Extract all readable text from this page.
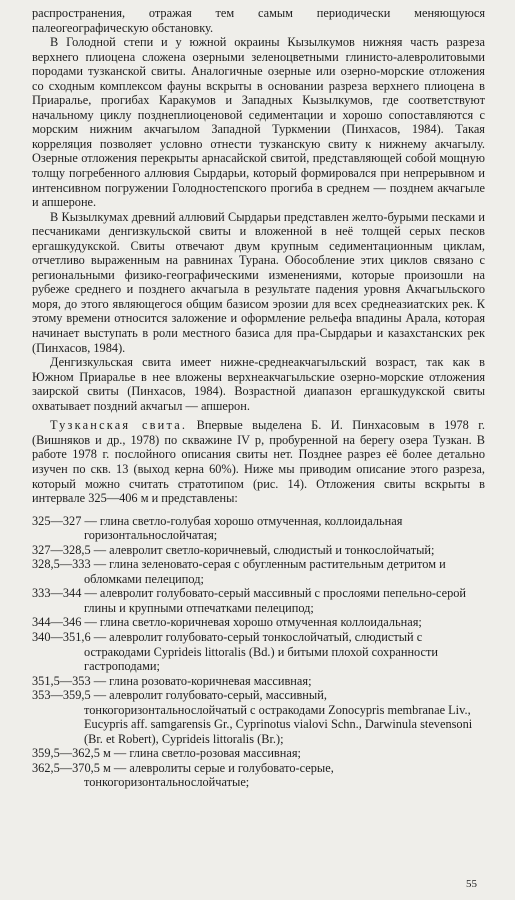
распространения, отражая тем самым периодически меняющуюся палеогеографическую обстановку.

В Голодной степи и у южной окраины Кызылкумов нижняя часть разреза верхнего плиоцена сложена озерными зеленоцветными глинисто-алевролитовыми породами тузканской свиты. Аналогичные озерные или озерно-морские отложения со сходным комплексом фауны вскрыты в основании разреза верхнего плиоцена в Приаралье, прогибах Каракумов и Западных Кызылкумов, где соответствуют начальному циклу позднеплиоценовой седиментации и хорошо сопоставляются с морским нижним акчагылом Западной Туркмении (Пинхасов, 1984). Такая корреляция позволяет условно отнести тузканскую свиту к нижнему акчагылу. Озерные отложения перекрыты арнасайской свитой, представляющей собой мощную толщу погребенного аллювия Сырдарьи, который формировался при непрерывном и интенсивном погружении Голодностепского прогиба в среднем — позднем акчагыле и апшероне.

В Кызылкумах древний аллювий Сырдарьи представлен желто-бурыми песками и песчаниками денгизкульской свиты и вложенной в неё толщей серых песков ергашкудукской. Свиты отвечают двум крупным седиментационным циклам, отчетливо выраженным на равнинах Турана. Обособление этих циклов связано с региональными физико-географическими изменениями, которые произошли на рубеже среднего и позднего акчагыла в результате падения уровня Акчагыльского моря, до этого являющегося общим базисом эрозии для всех среднеазиатских рек. К этому времени относится заложение и оформление рельефа впадины Арала, которая начинает выступать в роли местного базиса для пра-Сырдарьи и казахстанских рек (Пинхасов, 1984).

Денгизкульская свита имеет нижне-среднеакчагыльский возраст, так как в Южном Приаралье в нее вложены верхнеакчагыльские озерно-морские отложения заирской свиты (Пинхасов, 1984). Возрастной диапазон ергашкудукской свиты охватывает поздний акчагыл — апшерон.

Тузканская свита. Впервые выделена Б. И. Пинхасовым в 1978 г. (Вишняков и др., 1978) по скважине IV р, пробуренной на берегу озера Тузкан. В работе 1978 г. послойного описания свиты нет. Позднее разрез её более детально изучен по скв. 13 (выход керна 60%). Ниже мы приводим описание этого разреза, который можно считать стратотипом (рис. 14). Отложения свиты вскрыты в интервале 325—406 м и представлены:

325—327 — глина светло-голубая хорошо отмученная, коллоидальная горизонтальнослойчатая;

327—328,5 — алевролит светло-коричневый, слюдистый и тонкослойчатый;

328,5—333 — глина зеленовато-серая с обугленным растительным детритом и обломками пелеципод;

333—344 — алевролит голубовато-серый массивный с прослоями пепельно-серой глины и крупными отпечатками пелеципод;

344—346 — глина светло-коричневая хорошо отмученная коллоидальная;

340—351,6 — алевролит голубовато-серый тонкослойчатый, слюдистый с остракодами Cyprideis littoralis (Bd.) и битыми плохой сохранности гастроподами;

351,5—353 — глина розовато-коричневая массивная;

353—359,5 — алевролит голубовато-серый, массивный, тонкогоризонтальнослойчатый с остракодами Zonocypris membranae Liv., Eucypris aff. samgarensis Gr., Cyprinotus vialovi Schn., Darwinula stevensoni (Br. et Robert), Cyprideis littoralis (Br.);

359,5—362,5 м — глина светло-розовая массивная;

362,5—370,5 м — алевролиты серые и голубовато-серые, тонкогоризонтальнослойчатые;

55
